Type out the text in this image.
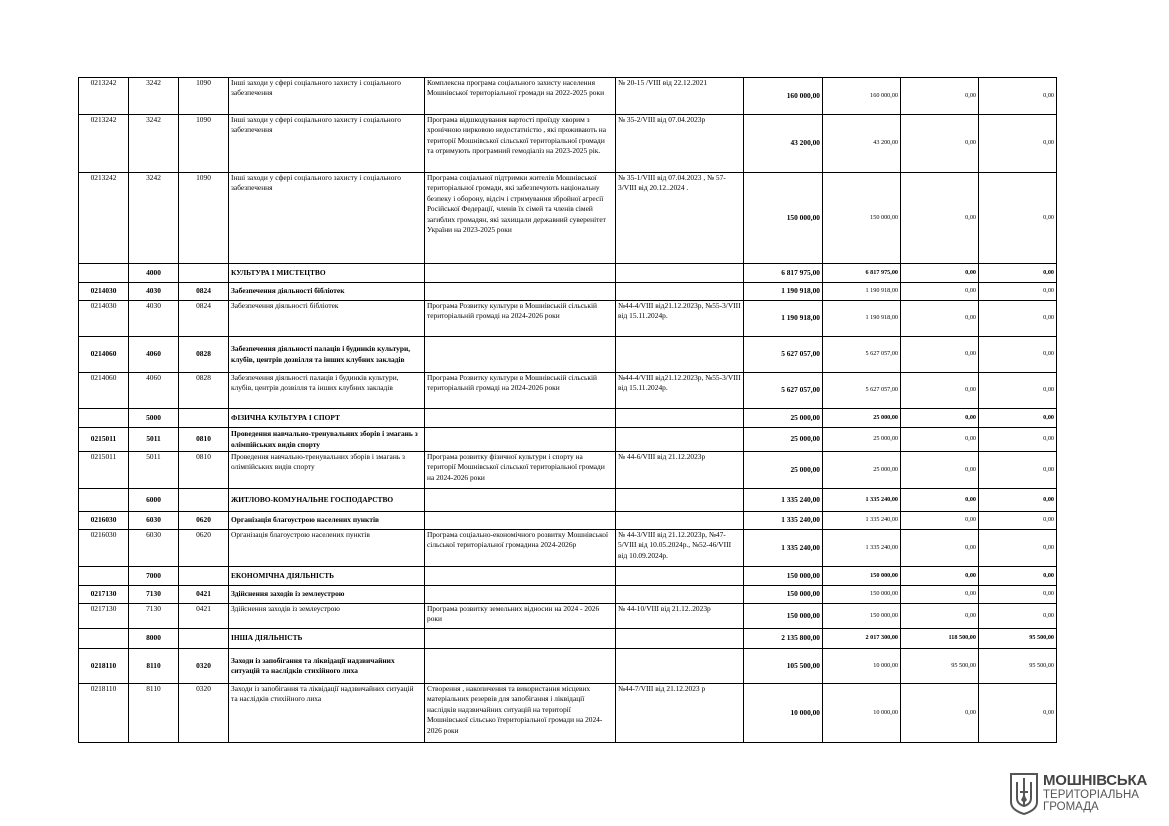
0213242	3242	1090	Інші заходи у сфері соціального захисту і соціального забезпечення	Комплексна програма соціального захисту населення Мошнівської територіальної громади на 2022-2025 роки	№ 20-15 /VIII від 22.12.2021	160 000,00	160 000,00	0,00	0,00
0213242	3242	1090	Інші заходи у сфері соціального захисту і соціального забезпечення	Програма відшкодування вартості проїзду хворим з хронічною нирковою недостатністю , які проживають на території Мошнівської сільської територіальної громади та отримують програмний гемодіаліз на 2023-2025 рік.	№ 35-2/VIII від 07.04.2023р	43 200,00	43 200,00	0,00	0,00
0213242	3242	1090	Інші заходи у сфері соціального захисту і соціального забезпечення	Програма соціальної підтримки жителів Мошнівської територіальної громади, які забезпечують національну безпеку і оборону, відсіч і стримування збройної агресії Російської Федерації, членів їх сімей та членів сімей загиблих громадян, які захищали державний суверенітет України на 2023-2025 роки	№ 35-1/VIII від 07.04.2023 , № 57-3/VIII від 20.12..2024 .	150 000,00	150 000,00	0,00	0,00
	4000		КУЛЬТУРА І МИСТЕЦТВО			6 817 975,00	6 817 975,00	0,00	0,00
0214030	4030	0824	Забезпечення діяльності бібліотек			1 190 918,00	1 190 918,00	0,00	0,00
0214030	4030	0824	Забезпечення діяльності бібліотек	Програма Розвитку культури в Мошнівській сільській територіальній громаді на 2024-2026 роки	№44-4/VIII від21.12.2023р, №55-3/VIII від 15.11.2024р.	1 190 918,00	1 190 918,00	0,00	0,00
0214060	4060	0828	Забезпечення діяльності палаців i будинків культури, клубів, центрів дозвілля та iнших клубних закладів			5 627 057,00	5 627 057,00	0,00	0,00
0214060	4060	0828	Забезпечення діяльності палаців i будинків культури, клубів, центрів дозвілля та iнших клубних закладів	Програма Розвитку культури в Мошнівській сільській територіальній громаді на 2024-2026 роки	№44-4/VIII від21.12.2023р, №55-3/VIII від 15.11.2024р.	5 627 057,00	5 627 057,00	0,00	0,00
	5000		ФІЗИЧНА КУЛЬТУРА І СПОРТ			25 000,00	25 000,00	0,00	0,00
0215011	5011	0810	Проведення навчально-тренувальних зборів і змагань з олімпійських видів спорту			25 000,00	25 000,00	0,00	0,00
0215011	5011	0810	Проведення навчально-тренувальних зборів і змагань з олімпійських видів спорту	Програма розвитку фізичної культури і спорту на території Мошнівської сільської територіальної громади на 2024-2026 роки	№ 44-6/VIII від 21.12.2023р	25 000,00	25 000,00	0,00	0,00
	6000		ЖИТЛОВО-КОМУНАЛЬНЕ ГОСПОДАРСТВО			1 335 240,00	1 335 240,00	0,00	0,00
0216030	6030	0620	Організація благоустрою населених пунктів			1 335 240,00	1 335 240,00	0,00	0,00
0216030	6030	0620	Організація благоустрою населених пунктів	Програма соціально-економічного розвитку Мошнівської сільської територіальної громадина 2024-2026р	№ 44-3/VIII від 21.12.2023р, №47-5/VIII від 10.05.2024р., №52-46/VIII від 10.09.2024р.	1 335 240,00	1 335 240,00	0,00	0,00
	7000		ЕКОНОМІЧНА ДІЯЛЬНІСТЬ			150 000,00	150 000,00	0,00	0,00
0217130	7130	0421	Здійснення заходів із землеустрою			150 000,00	150 000,00	0,00	0,00
0217130	7130	0421	Здійснення заходів із землеустрою	Програма розвитку земельних відносин на 2024 - 2026 роки	№ 44-10/VIII від 21.12..2023р	150 000,00	150 000,00	0,00	0,00
	8000		ІНША ДІЯЛЬНІСТЬ			2 135 800,00	2 017 300,00	118 500,00	95 500,00
0218110	8110	0320	Заходи із запобігання та ліквідації надзвичайних ситуацій та наслідків стихійного лиха			105 500,00	10 000,00	95 500,00	95 500,00
0218110	8110	0320	Заходи із запобігання та ліквідації надзвичайних ситуацій та наслідків стихійного лиха	Створення , накопичення та використання місцевих матеріальних резервів для запобігання і ліквідації наслідків надзвичайних ситуацій на території Мошнівської сільсько їтериторіальної громади на 2024-2026 роки	№44-7/VIII від 21.12.2023 р	10 000,00	10 000,00	0,00	0,00
МОШНІВСЬКА
ТЕРИТОРІАЛЬНА
ГРОМАДА
